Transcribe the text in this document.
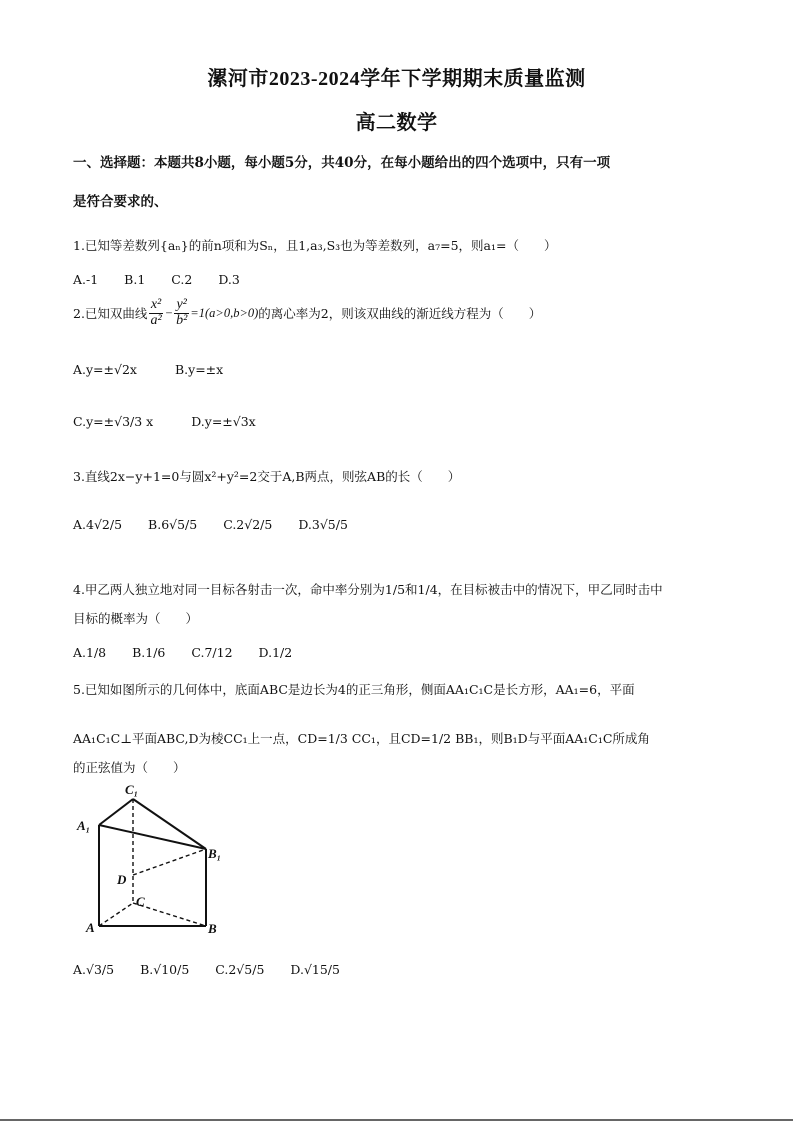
漯河市2023-2024学年下学期期末质量监测
高二数学
一、选择题：本题共8小题，每小题5分，共40分，在每小题给出的四个选项中，只有一项
是符合要求的、
1.已知等差数列{aₙ}的前n项和为Sₙ，且1,a₃,S₃也为等差数列，a₇=5，则a₁=（　　）
A.-1 B.1 C.2 D.3
2.已知双曲线 $\frac{\text{x²}}{\text{a²}} - \frac{\text{y²}}{\text{b²}} =1(a>0,b>0)$ 的离心率为2，则该双曲线的渐近线方程为（　　）
A.y=±√2x	B.y=±x
C.y=±√3/3 x	D.y=±√3x
3.直线2x−y+1=0与圆x²+y²=2交于A,B两点，则弦AB的长（　　）
A.4√2/5 B.6√5/5 C.2√2/5 D.3√5/5
4.甲乙两人独立地对同一目标各射击一次，命中率分别为1/5和1/4，在目标被击中的情况下，甲乙同时击中
目标的概率为（　　）
A.1/8 B.1/6 C.7/12 D.1/2
5.已知如图所示的几何体中，底面ABC是边长为4的正三角形，侧面AA₁C₁C是长方形，AA₁=6，平面
AA₁C₁C⊥平面ABC,D为棱CC₁上一点，CD=1/3 CC₁，且CD=1/2 BB₁，则B₁D与平面AA₁C₁C所成角
的正弦值为（　　）
C₁
A₁
B₁
D
C
A	B
A.√3/5 B.√10/5 C.2√5/5 D.√15/5
